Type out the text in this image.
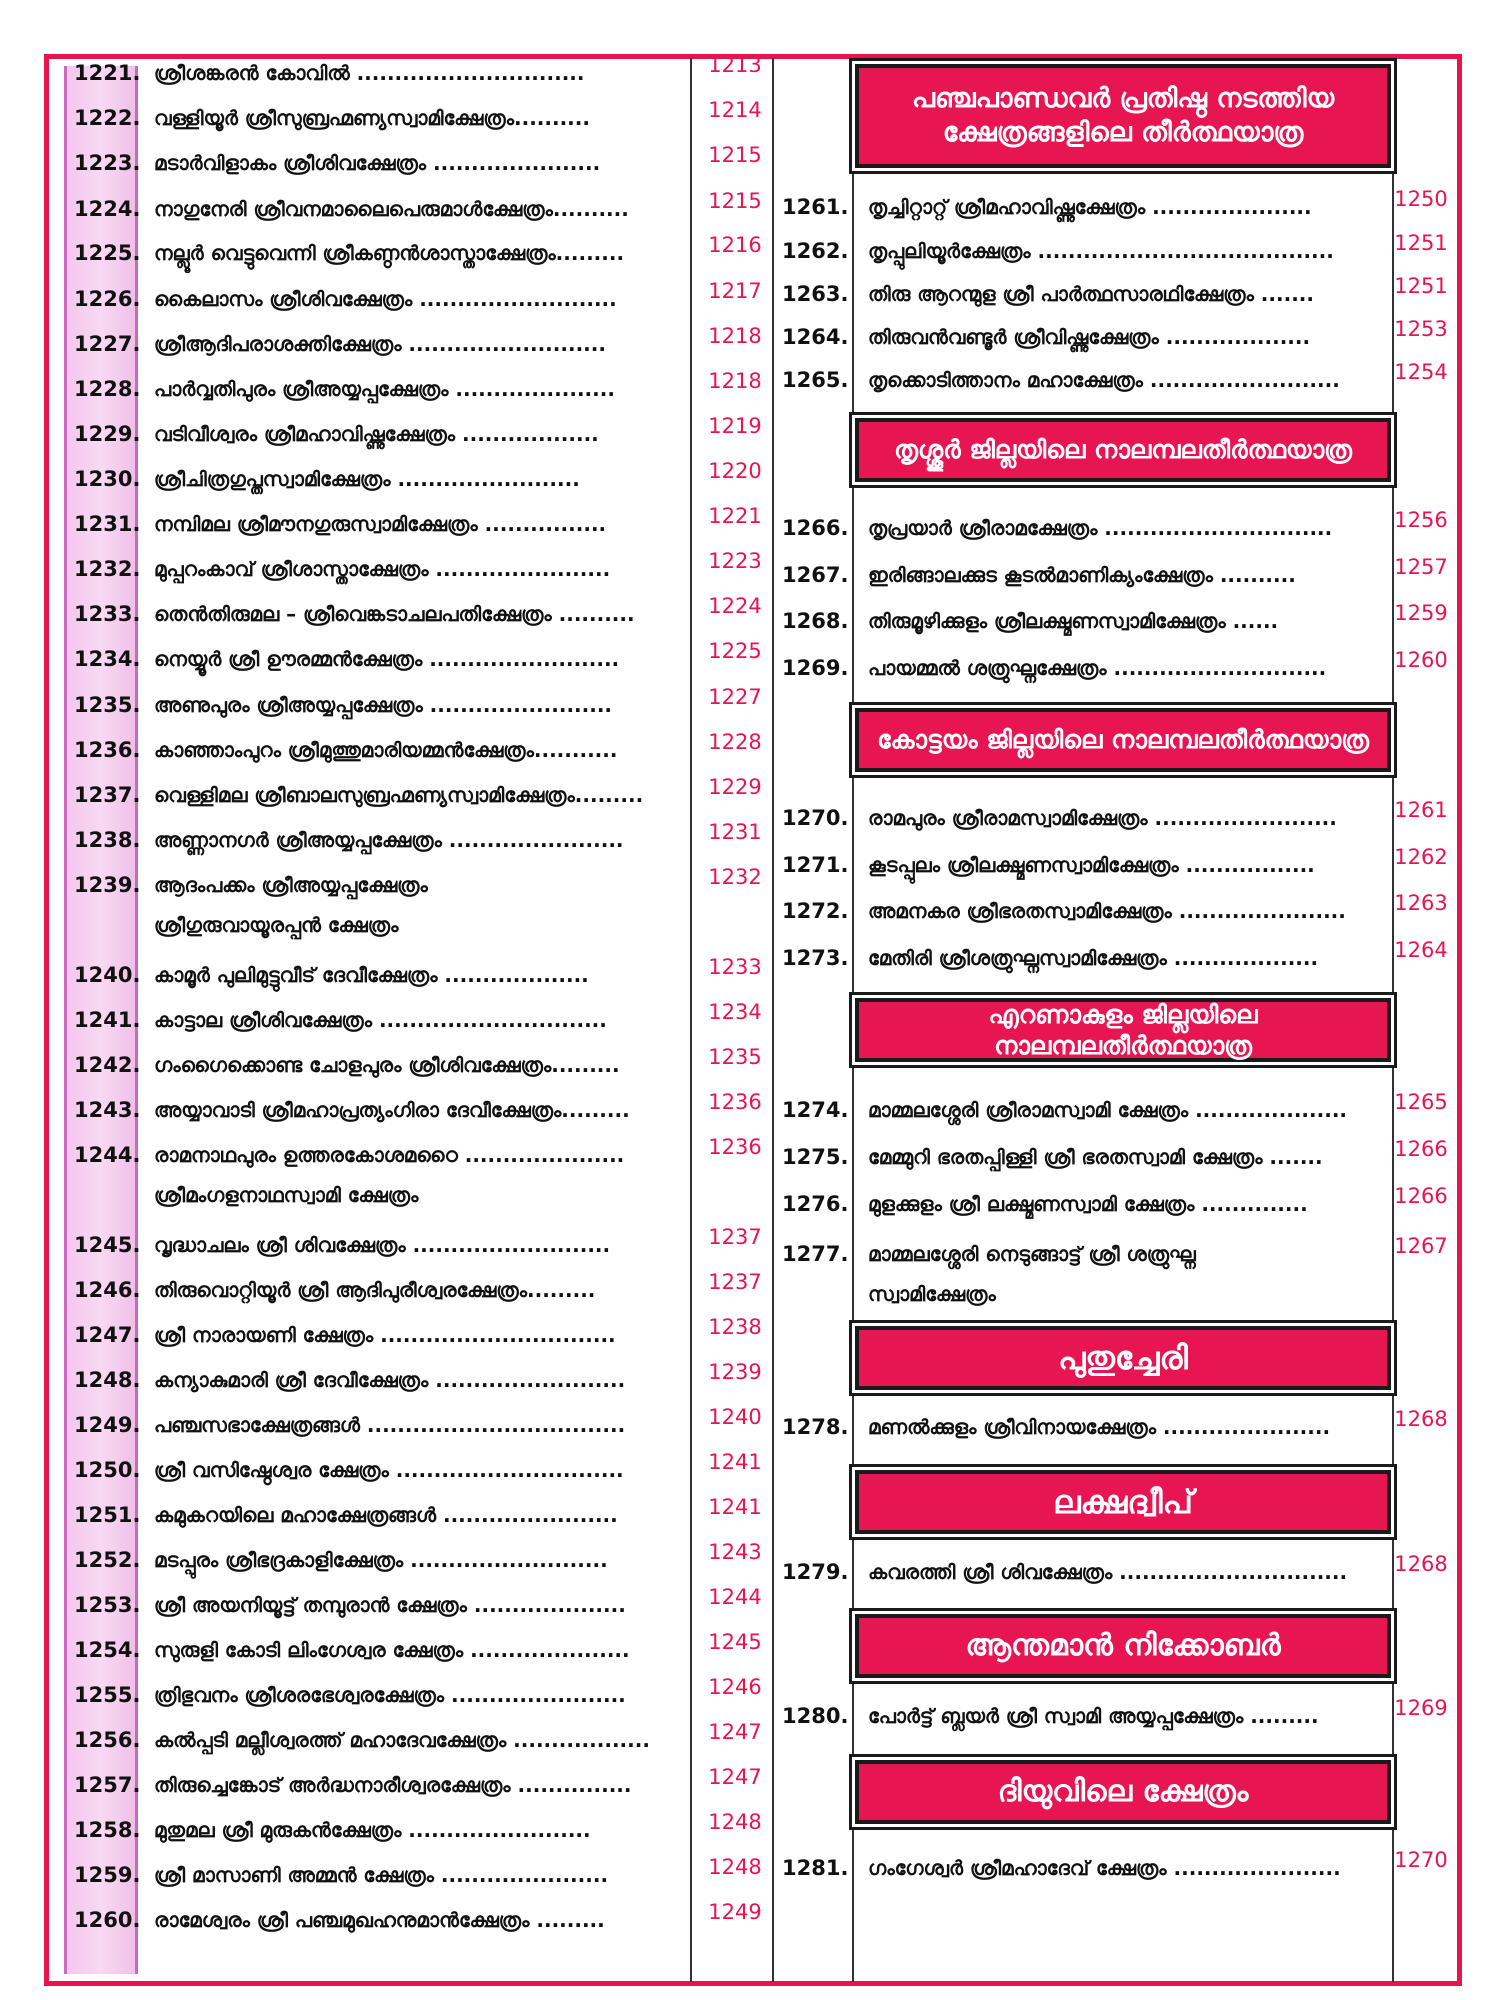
1221. ശ്രീശങ്കരൻ കോവിൽ ..............................	1213
1222. വള്ളിയൂർ ശ്രീസുബ്രഹ്മണ്യസ്വാമിക്ഷേത്രം..........	1214
1223. മടാർവിളാകം ശ്രീശിവക്ഷേത്രം ......................	1215
1224. നാഗുനേരി ശ്രീവനമാലൈപെരുമാൾക്ഷേത്രം..........	1215
1225. നല്ലൂർ വെട്ടുവെന്നി ശ്രീകണ്ഠൻശാസ്താക്ഷേത്രം.........	1216
1226. കൈലാസം ശ്രീശിവക്ഷേത്രം ..........................	1217
1227. ശ്രീആദിപരാശക്തിക്ഷേത്രം ..........................	1218
1228. പാർവ്വതിപുരം ശ്രീഅയ്യപ്പക്ഷേത്രം .....................	1218
1229. വടിവീശ്വരം ശ്രീമഹാവിഷ്ണുക്ഷേത്രം ..................	1219
1230. ശ്രീചിത്രഗുപ്തസ്വാമിക്ഷേത്രം ........................	1220
1231. നമ്പിമല ശ്രീമൗനഗുരുസ്വാമിക്ഷേത്രം ................	1221
1232. മുപ്പറംകാവ് ശ്രീശാസ്താക്ഷേത്രം .......................	1223
1233. തെൻതിരുമല – ശ്രീവെങ്കടാചലപതിക്ഷേത്രം ..........	1224
1234. നെയ്യൂർ ശ്രീ ഊരമ്മൻക്ഷേത്രം .........................	1225
1235. അണുപുരം ശ്രീഅയ്യപ്പക്ഷേത്രം ........................	1227
1236. കാഞ്ഞാംപുറം ശ്രീമുത്തുമാരിയമ്മൻക്ഷേത്രം...........	1228
1237. വെള്ളിമല ശ്രീബാലസുബ്രഹ്മണ്യസ്വാമിക്ഷേത്രം.........	1229
1238. അണ്ണാനഗർ ശ്രീഅയ്യപ്പക്ഷേത്രം .......................	1231
1239. ആദംപക്കം ശ്രീഅയ്യപ്പക്ഷേത്രം	1232
ശ്രീഗുരുവായൂരപ്പൻ ക്ഷേത്രം
1240. കാമൂർ പുലിമുട്ടുവീട് ദേവീക്ഷേത്രം ...................	1233
1241. കാട്ടാല ശ്രീശിവക്ഷേത്രം ..............................	1234
1242. ഗംഗൈക്കൊണ്ട ചോളപുരം ശ്രീശിവക്ഷേത്രം.........	1235
1243. അയ്യാവാടി ശ്രീമഹാപ്രത്യംഗിരാ ദേവീക്ഷേത്രം.........	1236
1244. രാമനാഥപുരം ഉത്തരകോശമഠൈ .....................	1236
ശ്രീമംഗളനാഥസ്വാമി ക്ഷേത്രം
1245. വൃദ്ധാചലം ശ്രീ ശിവക്ഷേത്രം ..........................	1237
1246. തിരുവൊറ്റിയൂർ ശ്രീ ആദിപുരീശ്വരക്ഷേത്രം.........	1237
1247. ശ്രീ നാരായണി ക്ഷേത്രം ...............................	1238
1248. കന്യാകുമാരി ശ്രീ ദേവീക്ഷേത്രം .........................	1239
1249. പഞ്ചസഭാക്ഷേത്രങ്ങൾ ..................................	1240
1250. ശ്രീ വസിഷ്ഠേശ്വര ക്ഷേത്രം ..............................	1241
1251. കമുകറയിലെ മഹാക്ഷേത്രങ്ങൾ .......................	1241
1252. മടപ്പുരം ശ്രീഭദ്രകാളിക്ഷേത്രം ..........................	1243
1253. ശ്രീ അയനിയൂട്ട് തമ്പുരാൻ ക്ഷേത്രം ....................	1244
1254. സുരുളി കോടി ലിംഗേശ്വര ക്ഷേത്രം .....................	1245
1255. ത്രിഭുവനം ശ്രീശരഭേശ്വരക്ഷേത്രം .......................	1246
1256. കൽപ്പടി മല്ലീശ്വരത്ത് മഹാദേവക്ഷേത്രം ..................	1247
1257. തിരുച്ചെങ്കോട് അർദ്ധനാരീശ്വരക്ഷേത്രം ...............	1247
1258. മുതുമല ശ്രീ മുരുകൻക്ഷേത്രം ........................	1248
1259. ശ്രീ മാസാണി അമ്മൻ ക്ഷേത്രം ......................	1248
1260. രാമേശ്വരം ശ്രീ പഞ്ചമുഖഹനുമാൻക്ഷേത്രം .........	1249
പഞ്ചപാണ്ഡവർ പ്രതിഷ്ഠ നടത്തിയ
ക്ഷേത്രങ്ങളിലെ തീർത്ഥയാത്ര
1261. തൃച്ചിറ്റാറ്റ് ശ്രീമഹാവിഷ്ണുക്ഷേത്രം .....................	1250
1262. തൃപ്പുലിയൂർക്ഷേത്രം .......................................	1251
1263. തിരു ആറന്മുള ശ്രീ പാർത്ഥസാരഥിക്ഷേത്രം .......	1251
1264. തിരുവൻവണ്ടൂർ ശ്രീവിഷ്ണുക്ഷേത്രം ...................	1253
1265. തൃക്കൊടിത്താനം മഹാക്ഷേത്രം .........................	1254
തൃശ്ശൂർ ജില്ലയിലെ നാലമ്പലതീർത്ഥയാത്ര
1266. തൃപ്രയാർ ശ്രീരാമക്ഷേത്രം ..............................	1256
1267. ഇരിങ്ങാലക്കുട കൂടൽമാണിക്യംക്ഷേത്രം ..........	1257
1268. തിരുമൂഴിക്കുളം ശ്രീലക്ഷ്മണസ്വാമിക്ഷേത്രം ......	1259
1269. പായമ്മൽ ശത്രുഘ്നക്ഷേത്രം ............................	1260
കോട്ടയം ജില്ലയിലെ നാലമ്പലതീർത്ഥയാത്ര
1270. രാമപുരം ശ്രീരാമസ്വാമിക്ഷേത്രം ........................	1261
1271. കൂടപ്പുലം ശ്രീലക്ഷ്മണസ്വാമിക്ഷേത്രം .................	1262
1272. അമനകര ശ്രീഭരതസ്വാമിക്ഷേത്രം ......................	1263
1273. മേതിരി ശ്രീശത്രുഘ്നസ്വാമിക്ഷേത്രം ...................	1264
എറണാകുളം ജില്ലയിലെ നാലമ്പലതീർത്ഥയാത്ര
1274. മാമ്മലശ്ശേരി ശ്രീരാമസ്വാമി ക്ഷേത്രം ....................	1265
1275. മേമ്മുറി ഭരതപ്പിള്ളി ശ്രീ ഭരതസ്വാമി ക്ഷേത്രം .......	1266
1276. മുളക്കുളം ശ്രീ ലക്ഷ്മണസ്വാമി ക്ഷേത്രം ..............	1266
1277. മാമ്മലശ്ശേരി നെടുങ്ങാട്ട് ശ്രീ ശത്രുഘ്ന	1267
സ്വാമിക്ഷേത്രം
പുതുച്ചേരി
1278. മണൽക്കുളം ശ്രീവിനായക്ഷേത്രം ......................	1268
ലക്ഷദ്വീപ്
1279. കവരത്തി ശ്രീ ശിവക്ഷേത്രം ..............................	1268
ആന്തമാൻ നിക്കോബർ
1280. പോർട്ട് ബ്ലയർ ശ്രീ സ്വാമി അയ്യപ്പക്ഷേത്രം .........	1269
ദിയുവിലെ ക്ഷേത്രം
1281. ഗംഗേശ്വർ ശ്രീമഹാദേവ് ക്ഷേത്രം ......................	1270
